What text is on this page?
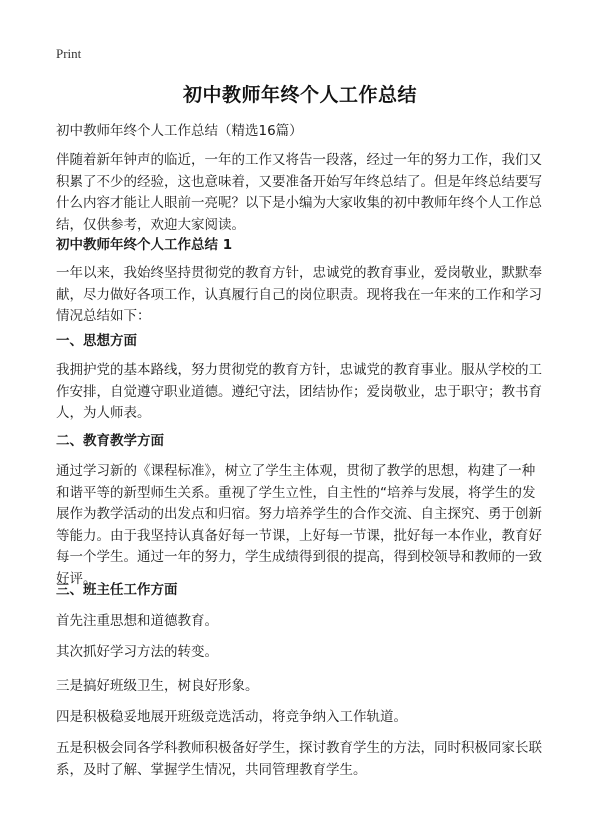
Print
初中教师年终个人工作总结

初中教师年终个人工作总结（精选16篇）

伴随着新年钟声的临近，一年的工作又将告一段落，经过一年的努力工作，我们又积累了不少的经验，这也意味着，又要准备开始写年终总结了。但是年终总结要写什么内容才能让人眼前一亮呢？以下是小编为大家收集的初中教师年终个人工作总结，仅供参考，欢迎大家阅读。

初中教师年终个人工作总结 1

一年以来，我始终坚持贯彻党的教育方针，忠诚党的教育事业，爱岗敬业，默默奉献，尽力做好各项工作，认真履行自己的岗位职责。现将我在一年来的工作和学习情况总结如下：

一、思想方面

我拥护党的基本路线，努力贯彻党的教育方针，忠诚党的教育事业。服从学校的工作安排，自觉遵守职业道德。遵纪守法，团结协作；爱岗敬业，忠于职守；教书育人，为人师表。

二、教育教学方面

通过学习新的《课程标准》，树立了学生主体观，贯彻了教学的思想，构建了一种和谐平等的新型师生关系。重视了学生立性，自主性的“培养与发展，将学生的发展作为教学活动的出发点和归宿。努力培养学生的合作交流、自主探究、勇于创新等能力。由于我坚持认真备好每一节课，上好每一节课，批好每一本作业，教育好每一个学生。通过一年的努力，学生成绩得到很的提高，得到校领导和教师的一致好评。

三、班主任工作方面

首先注重思想和道德教育。

其次抓好学习方法的转变。

三是搞好班级卫生，树良好形象。

四是积极稳妥地展开班级竞选活动，将竞争纳入工作轨道。

五是积极会同各学科教师积极备好学生，探讨教育学生的方法，同时积极同家长联系，及时了解、掌握学生情况，共同管理教育学生。
